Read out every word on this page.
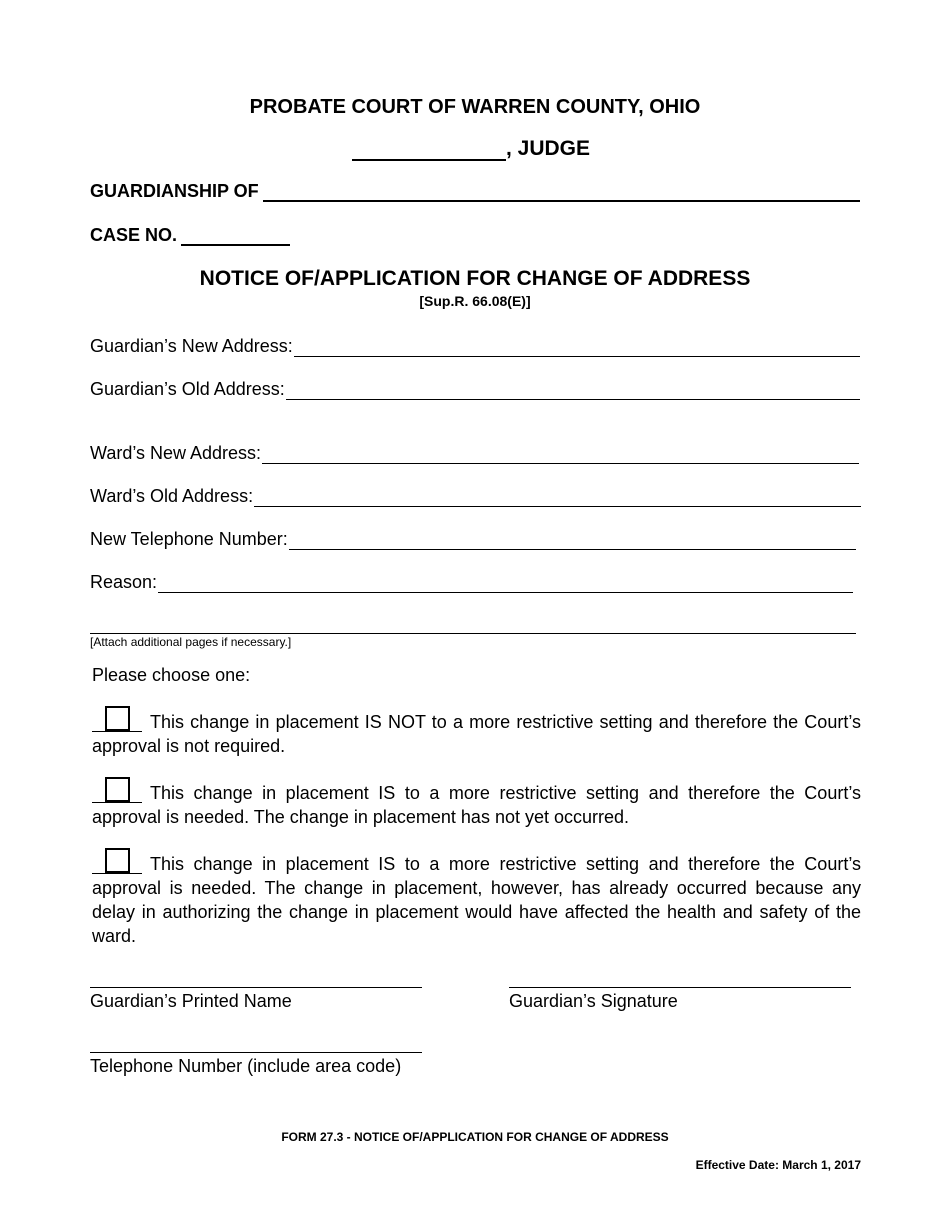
PROBATE COURT OF WARREN COUNTY, OHIO
, JUDGE
GUARDIANSHIP OF
CASE NO.
NOTICE OF/APPLICATION FOR CHANGE OF ADDRESS
[Sup.R. 66.08(E)]
Guardian’s New Address:
Guardian’s Old Address:
Ward’s New Address:
Ward’s Old Address:
New Telephone Number:
Reason:
[Attach additional pages if necessary.]
Please choose one:
This change in placement IS NOT to a more restrictive setting and therefore the Court’s approval is not required.
This change in placement IS to a more restrictive setting and therefore the Court’s approval is needed. The change in placement has not yet occurred.
This change in placement IS to a more restrictive setting and therefore the Court’s approval is needed. The change in placement, however, has already occurred because any delay in authorizing the change in placement would have affected the health and safety of the ward.
Guardian’s Printed Name	Guardian’s Signature
Telephone Number (include area code)
FORM 27.3 - NOTICE OF/APPLICATION FOR CHANGE OF ADDRESS
Effective Date: March 1, 2017
